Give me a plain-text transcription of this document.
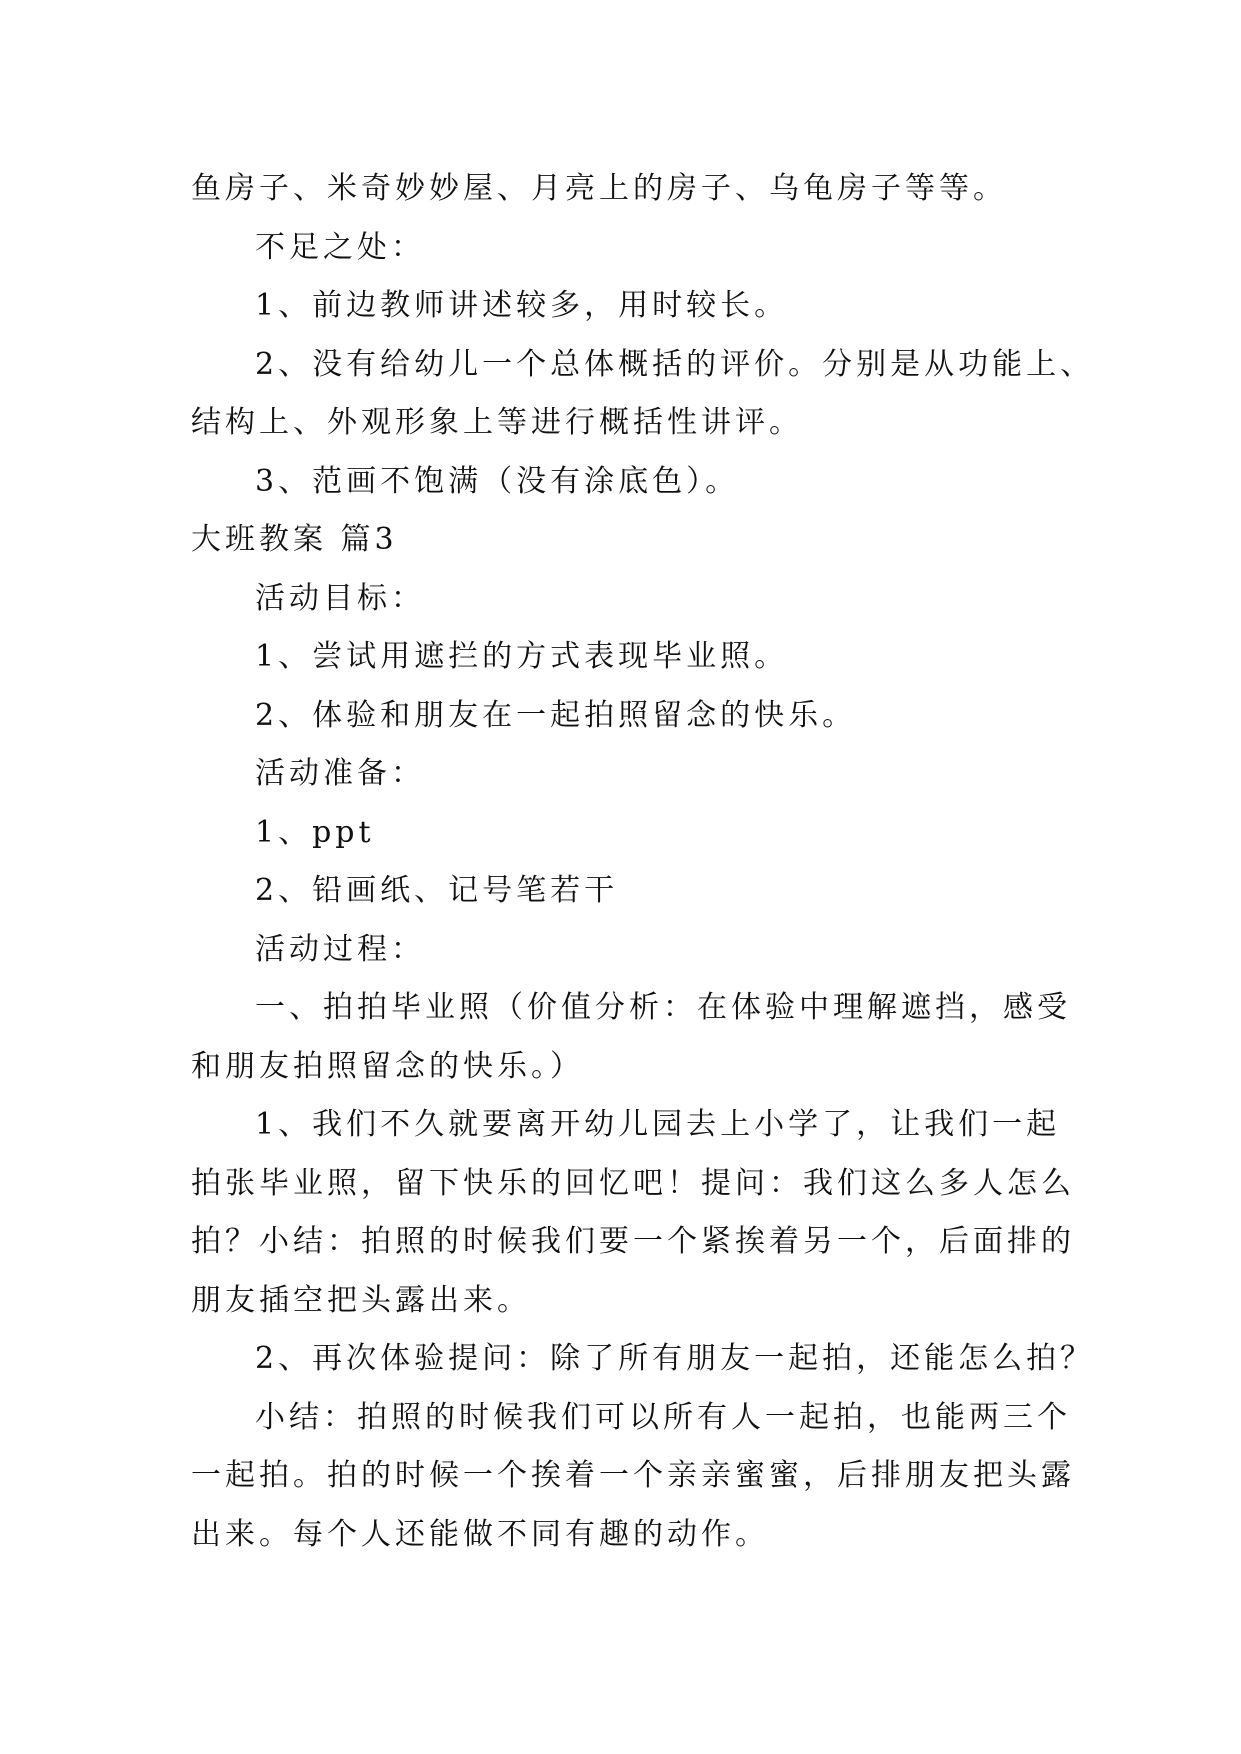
鱼房子、米奇妙妙屋、月亮上的房子、乌龟房子等等。
不足之处：
1、前边教师讲述较多，用时较长。
2、没有给幼儿一个总体概括的评价。分别是从功能上、
结构上、外观形象上等进行概括性讲评。
3、范画不饱满（没有涂底色）。
大班教案 篇3
活动目标：
1、尝试用遮拦的方式表现毕业照。
2、体验和朋友在一起拍照留念的快乐。
活动准备：
1、ppt
2、铅画纸、记号笔若干
活动过程：
一、拍拍毕业照（价值分析：在体验中理解遮挡，感受
和朋友拍照留念的快乐。）
1、我们不久就要离开幼儿园去上小学了，让我们一起
拍张毕业照，留下快乐的回忆吧！提问：我们这么多人怎么
拍？小结：拍照的时候我们要一个紧挨着另一个，后面排的
朋友插空把头露出来。
2、再次体验提问：除了所有朋友一起拍，还能怎么拍？
小结：拍照的时候我们可以所有人一起拍，也能两三个
一起拍。拍的时候一个挨着一个亲亲蜜蜜，后排朋友把头露
出来。每个人还能做不同有趣的动作。
